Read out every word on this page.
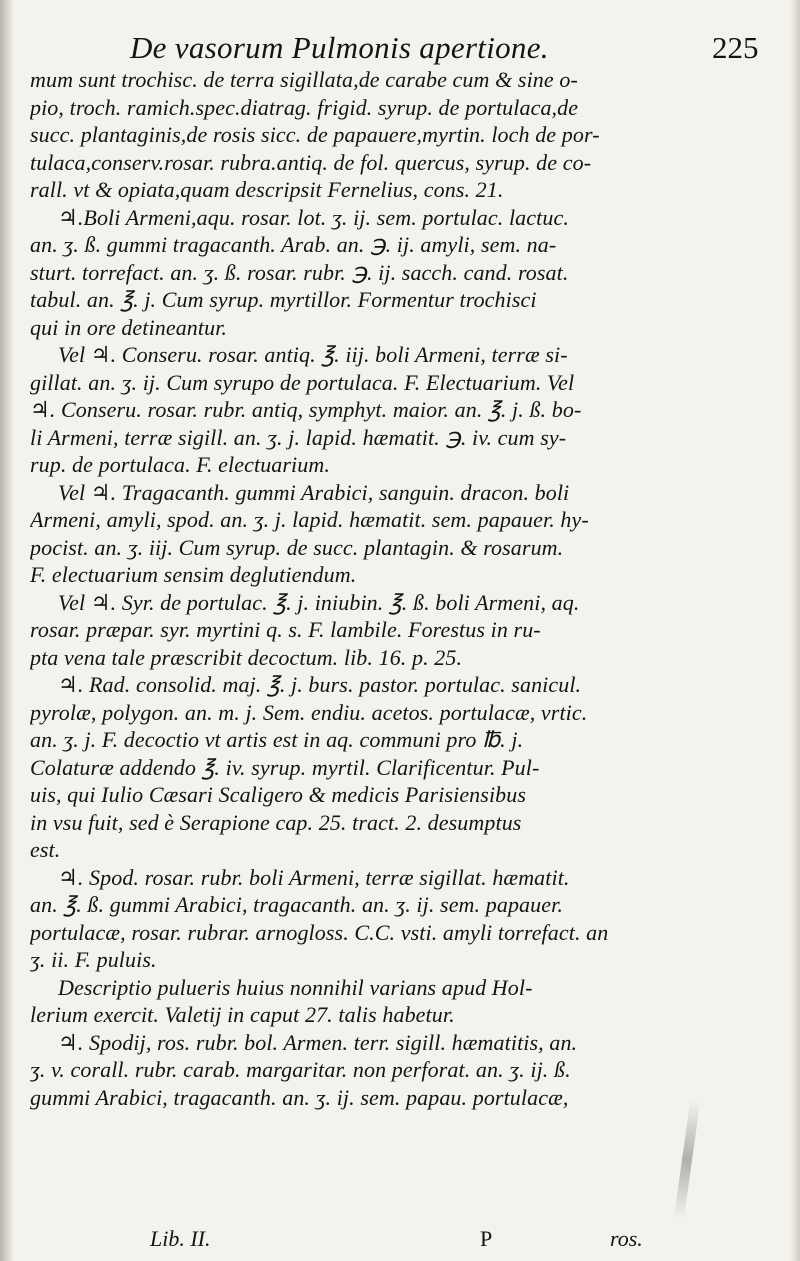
De vasorum Pulmonis apertione.	225
mum sunt trochisc. de terra sigillata,de carabe cum & sine o-
pio, troch. ramich.spec.diatrag. frigid. syrup. de portulaca,de
succ. plantaginis,de rosis sicc. de papauere,myrtin. loch de por-
tulaca,conserv.rosar. rubra.antiq. de fol. quercus, syrup. de co-
rall. vt & opiata,quam descripsit Fernelius, cons. 21.
♃.Boli Armeni,aqu. rosar. lot. ʒ. ij. sem. portulac. lactuc.
an. ʒ. ß. gummi tragacanth. Arab. an. ℈. ij. amyli, sem. na-
sturt. torrefact. an. ʒ. ß. rosar. rubr. ℈. ij. sacch. cand. rosat.
tabul. an. ℥. j. Cum syrup. myrtillor. Formentur trochisci
qui in ore detineantur.
Vel ♃. Conseru. rosar. antiq. ℥. iij. boli Armeni, terræ si-
gillat. an. ʒ. ij. Cum syrupo de portulaca. F. Electuarium. Vel
♃. Conseru. rosar. rubr. antiq, symphyt. maior. an. ℥. j. ß. bo-
li Armeni, terræ sigill. an. ʒ. j. lapid. hæmatit. ℈. iv. cum sy-
rup. de portulaca. F. electuarium.
Vel ♃. Tragacanth. gummi Arabici, sanguin. dracon. boli
Armeni, amyli, spod. an. ʒ. j. lapid. hæmatit. sem. papauer. hy-
pocist. an. ʒ. iij. Cum syrup. de succ. plantagin. & rosarum.
F. electuarium sensim deglutiendum.
Vel ♃. Syr. de portulac. ℥. j. iniubin. ℥. ß. boli Armeni, aq.
rosar. præpar. syr. myrtini q. s. F. lambile. Forestus in ru-
pta vena tale præscribit decoctum. lib. 16. p. 25.
♃. Rad. consolid. maj. ℥. j. burs. pastor. portulac. sanicul.
pyrolæ, polygon. an. m. j. Sem. endiu. acetos. portulacæ, vrtic.
an. ʒ. j. F. decoctio vt artis est in aq. communi pro ℔. j.
Colaturæ addendo ℥. iv. syrup. myrtil. Clarificentur. Pul-
uis, qui Iulio Cæsari Scaligero & medicis Parisiensibus
in vsu fuit, sed è Serapione cap. 25. tract. 2. desumptus
est.
♃. Spod. rosar. rubr. boli Armeni, terræ sigillat. hæmatit.
an. ℥. ß. gummi Arabici, tragacanth. an. ʒ. ij. sem. papauer.
portulacæ, rosar. rubrar. arnogloss. C.C. vsti. amyli torrefact. an
ʒ. ii. F. puluis.
Descriptio pulueris huius nonnihil varians apud Hol-
lerium exercit. Valetij in caput 27. talis habetur.
♃. Spodij, ros. rubr. bol. Armen. terr. sigill. hæmatitis, an.
ʒ. v. corall. rubr. carab. margaritar. non perforat. an. ʒ. ij. ß.
gummi Arabici, tragacanth. an. ʒ. ij. sem. papau. portulacæ,
Lib. II.	P	ros.
